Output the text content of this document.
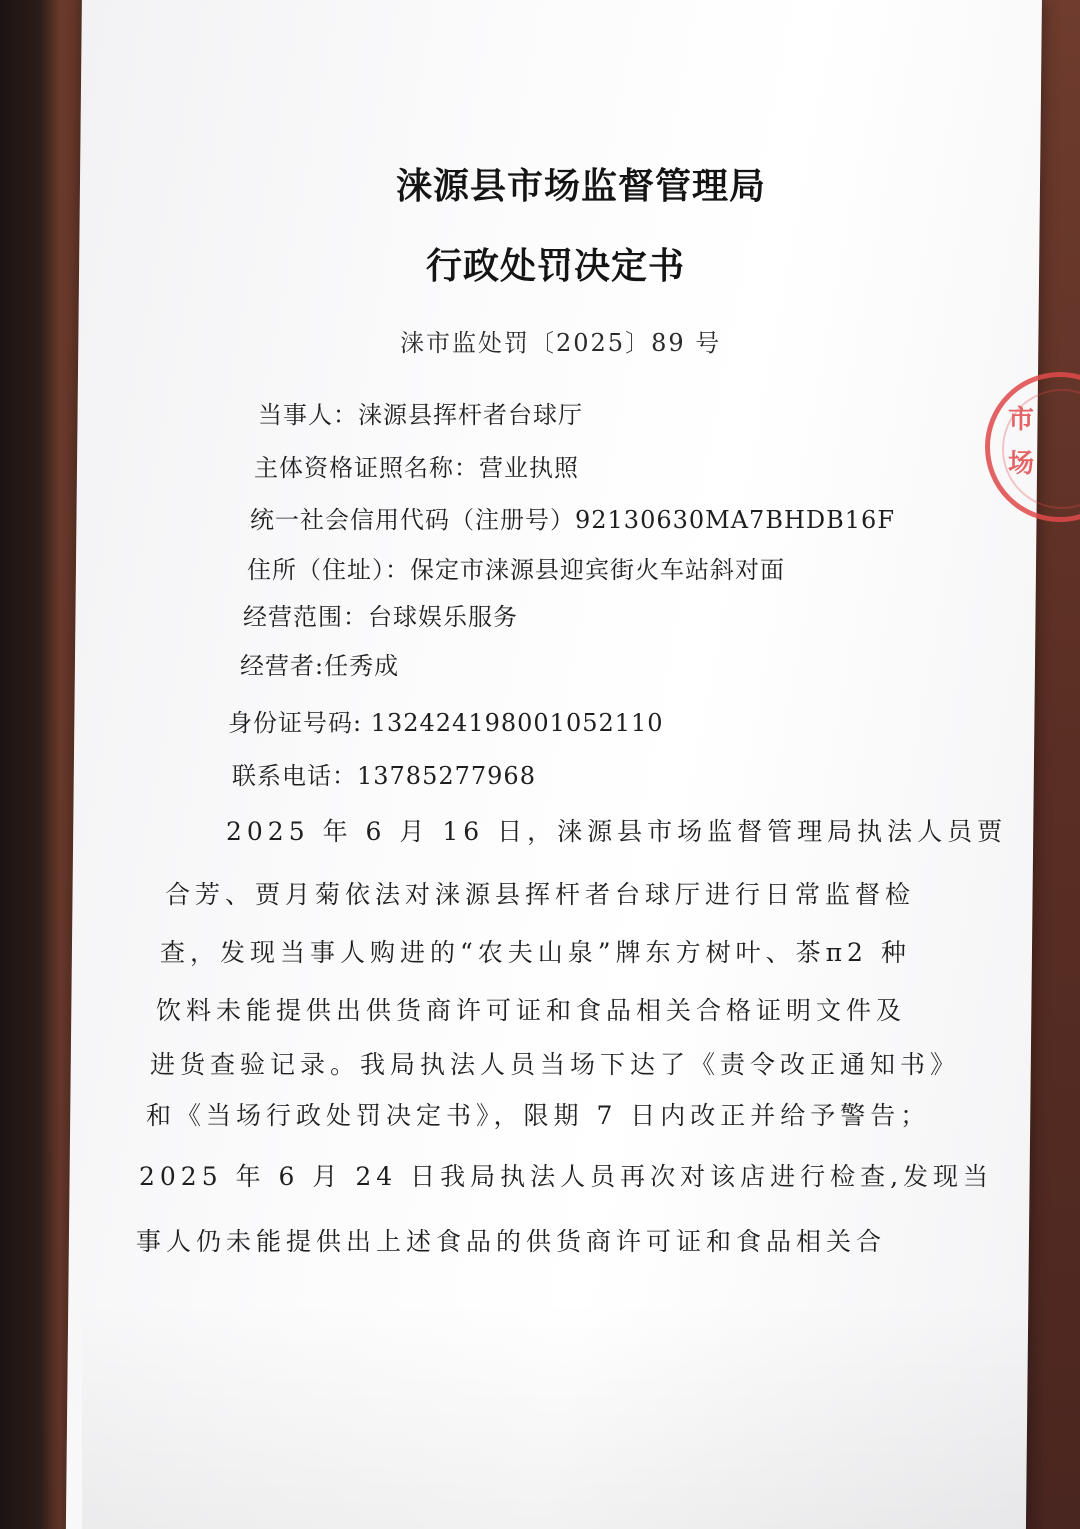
市
场
涞源县市场监督管理局
行政处罚决定书
涞市监处罚〔2025〕89 号
当事人：涞源县挥杆者台球厅
主体资格证照名称：营业执照
统一社会信用代码（注册号）92130630MA7BHDB16F
住所（住址）：保定市涞源县迎宾街火车站斜对面
经营范围：台球娱乐服务
经营者:任秀成
身份证号码: 132424198001052110
联系电话：13785277968
2025 年 6 月 16 日，涞源县市场监督管理局执法人员贾
合芳、贾月菊依法对涞源县挥杆者台球厅进行日常监督检
查，发现当事人购进的“农夫山泉”牌东方树叶、茶π2 种
饮料未能提供出供货商许可证和食品相关合格证明文件及
进货查验记录。我局执法人员当场下达了《责令改正通知书》
和《当场行政处罚决定书》，限期 7 日内改正并给予警告；
2025 年 6 月 24 日我局执法人员再次对该店进行检查,发现当
事人仍未能提供出上述食品的供货商许可证和食品相关合
